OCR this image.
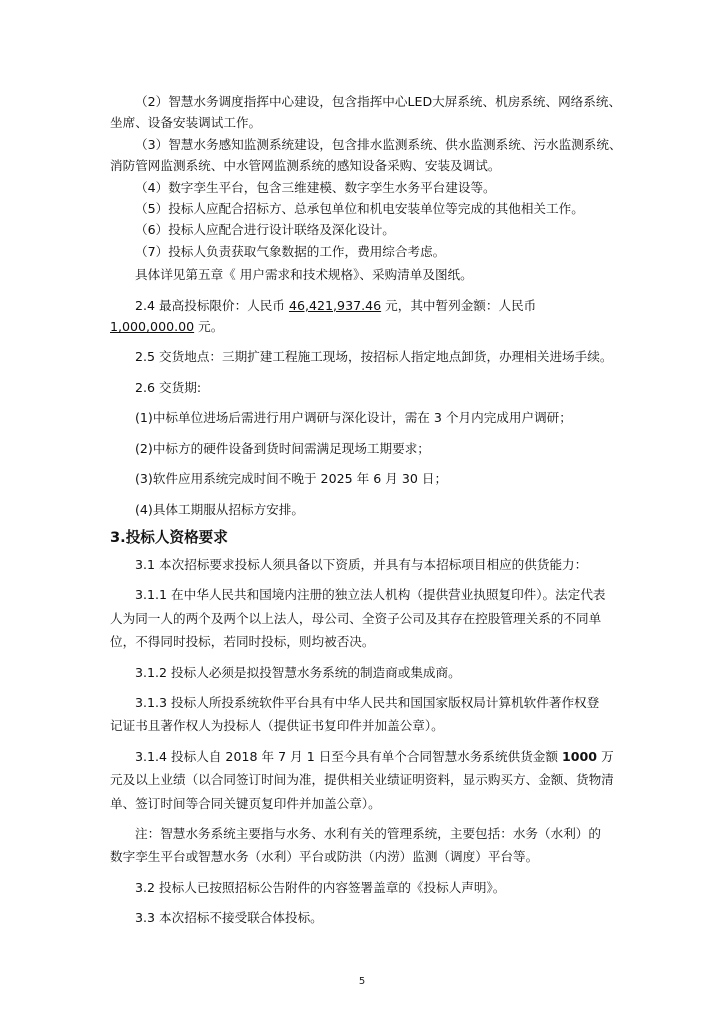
（2）智慧水务调度指挥中心建设，包含指挥中心LED大屏系统、机房系统、网络系统、

坐席、设备安装调试工作。

（3）智慧水务感知监测系统建设，包含排水监测系统、供水监测系统、污水监测系统、

消防管网监测系统、中水管网监测系统的感知设备采购、安装及调试。

（4）数字孪生平台，包含三维建模、数字孪生水务平台建设等。

（5）投标人应配合招标方、总承包单位和机电安装单位等完成的其他相关工作。

（6）投标人应配合进行设计联络及深化设计。

（7）投标人负责获取气象数据的工作，费用综合考虑。

具体详见第五章《 用户需求和技术规格》、采购清单及图纸。

2.4 最高投标限价：人民币 46,421,937.46 元，其中暂列金额：人民币

1,000,000.00 元。

2.5 交货地点：三期扩建工程施工现场，按招标人指定地点卸货，办理相关进场手续。

2.6 交货期:

(1)中标单位进场后需进行用户调研与深化设计，需在 3 个月内完成用户调研；

(2)中标方的硬件设备到货时间需满足现场工期要求；

(3)软件应用系统完成时间不晚于 2025 年 6 月 30 日；

(4)具体工期服从招标方安排。

3.投标人资格要求

3.1 本次招标要求投标人须具备以下资质，并具有与本招标项目相应的供货能力：

3.1.1 在中华人民共和国境内注册的独立法人机构（提供营业执照复印件）。法定代表

人为同一人的两个及两个以上法人，母公司、全资子公司及其存在控股管理关系的不同单

位，不得同时投标，若同时投标，则均被否决。

3.1.2 投标人必须是拟投智慧水务系统的制造商或集成商。

3.1.3 投标人所投系统软件平台具有中华人民共和国国家版权局计算机软件著作权登

记证书且著作权人为投标人（提供证书复印件并加盖公章）。

3.1.4 投标人自 2018 年 7 月 1 日至今具有单个合同智慧水务系统供货金额 1000 万

元及以上业绩（以合同签订时间为准，提供相关业绩证明资料，显示购买方、金额、货物清

单、签订时间等合同关键页复印件并加盖公章）。

注：智慧水务系统主要指与水务、水利有关的管理系统，主要包括：水务（水利）的

数字孪生平台或智慧水务（水利）平台或防洪（内涝）监测（调度）平台等。

3.2 投标人已按照招标公告附件的内容签署盖章的《投标人声明》。

3.3 本次招标不接受联合体投标。

5
